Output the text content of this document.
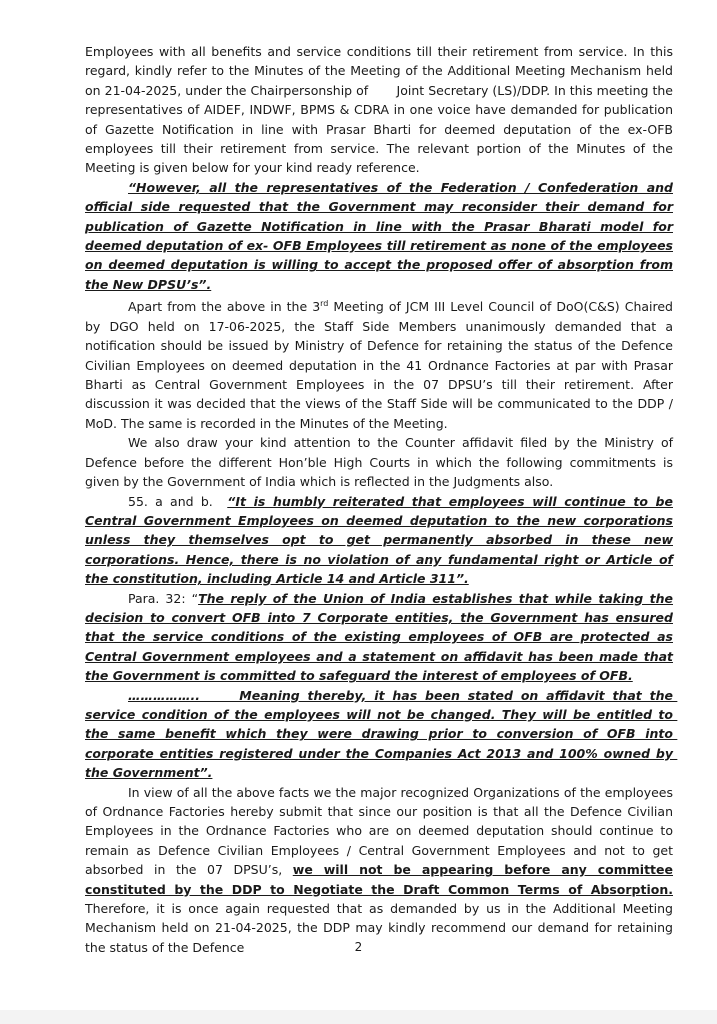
Employees with all benefits and service conditions till their retirement from service. In this regard, kindly refer to the Minutes of the Meeting of the Additional Meeting Mechanism held on 21-04-2025, under the Chairpersonship of       Joint Secretary (LS)/DDP. In this meeting the representatives of AIDEF, INDWF, BPMS & CDRA in one voice have demanded for publication of Gazette Notification in line with Prasar Bharti for deemed deputation of the ex-OFB employees till their retirement from service. The relevant portion of the Minutes of the Meeting is given below for your kind ready reference.

“However, all the representatives of the Federation / Confederation and official side requested that the Government may reconsider their demand for publication of Gazette Notification in line with the Prasar Bharati model for deemed deputation of ex- OFB Employees till retirement as none of the employees on deemed deputation is willing to accept the proposed offer of absorption from the New DPSU’s”.

Apart from the above in the 3rd Meeting of JCM III Level Council of DoO(C&S) Chaired by DGO held on 17-06-2025, the Staff Side Members unanimously demanded that a notification should be issued by Ministry of Defence for retaining the status of the Defence Civilian Employees on deemed deputation in the 41 Ordnance Factories at par with Prasar Bharti as Central Government Employees in the 07 DPSU’s till their retirement. After discussion it was decided that the views of the Staff Side will be communicated to the DDP / MoD. The same is recorded in the Minutes of the Meeting.

We also draw your kind attention to the Counter affidavit filed by the Ministry of Defence before the different Hon’ble High Courts in which the following commitments is given by the Government of India which is reflected in the Judgments also.

55. a and b.  “It is humbly reiterated that employees will continue to be Central Government Employees on deemed deputation to the new corporations unless they themselves opt to get permanently absorbed in these new corporations. Hence, there is no violation of any fundamental right or Article of the constitution, including Article 14 and Article 311”.

Para. 32: “The reply of the Union of India establishes that while taking the decision to convert OFB into 7 Corporate entities, the Government has ensured that the service conditions of the existing employees of OFB are protected as Central Government employees and a statement on affidavit has been made that the Government is committed to safeguard the interest of employees of OFB.

……………..     Meaning thereby, it has been stated on affidavit that the service condition of the employees will not be changed. They will be entitled to the same benefit which they were drawing prior to conversion of OFB into corporate entities registered under the Companies Act 2013 and 100% owned by the Government”.

In view of all the above facts we the major recognized Organizations of the employees of Ordnance Factories hereby submit that since our position is that all the Defence Civilian Employees in the Ordnance Factories who are on deemed deputation should continue to remain as Defence Civilian Employees / Central Government Employees and not to get absorbed in the 07 DPSU’s, we will not be appearing before any committee constituted by the DDP to Negotiate the Draft Common Terms of Absorption. Therefore, it is once again requested that as demanded by us in the Additional Meeting Mechanism held on 21-04-2025, the DDP may kindly recommend our demand for retaining the status of the Defence	2
